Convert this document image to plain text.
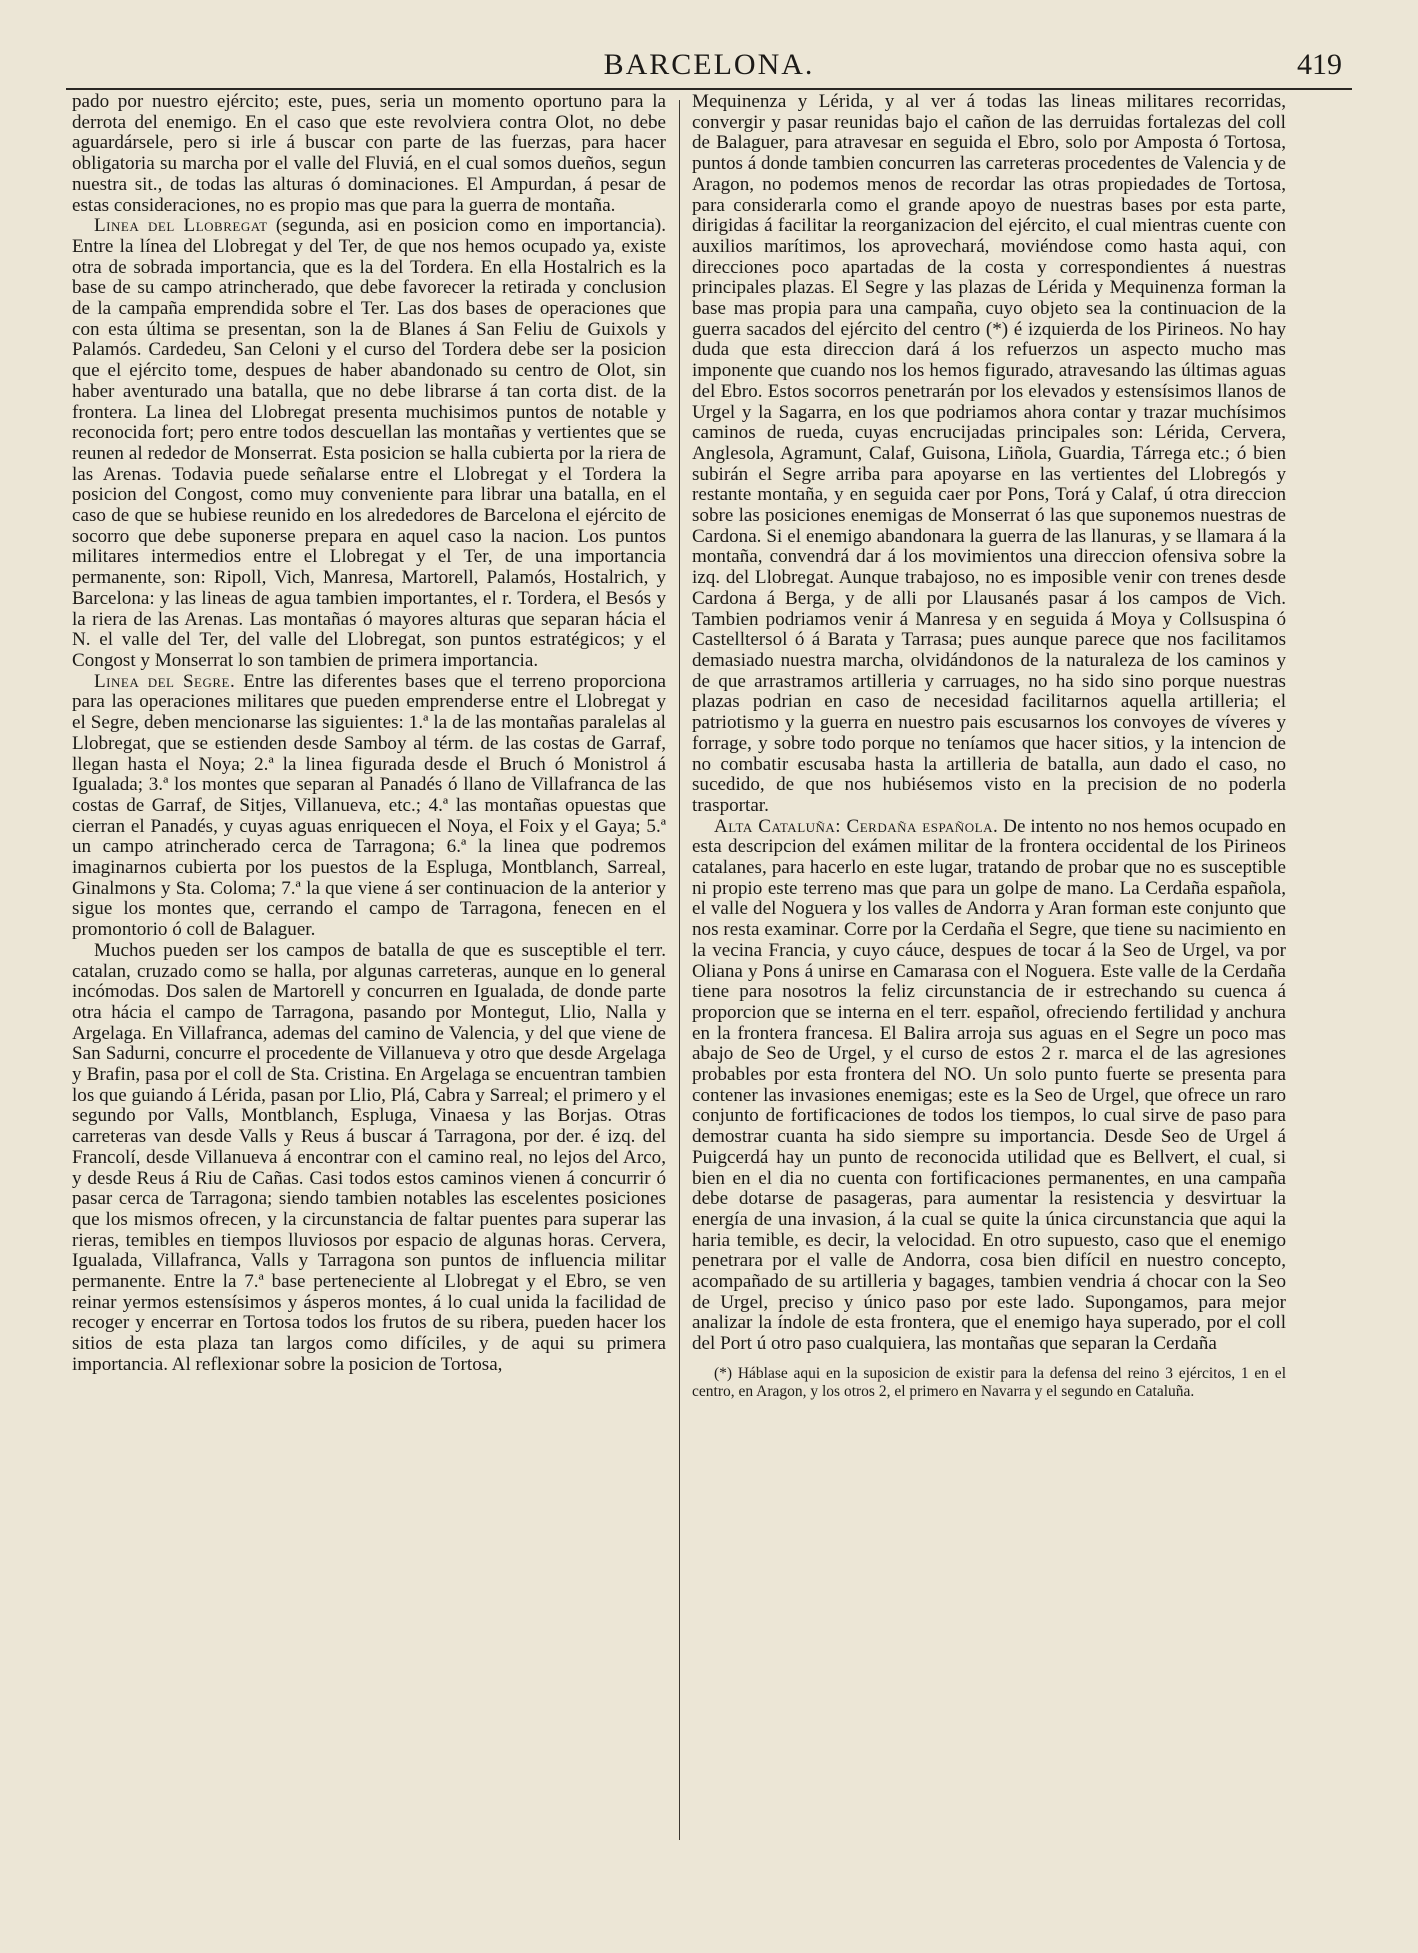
BARCELONA.	419

pado por nuestro ejército; este, pues, seria un momento oportuno para la derrota del enemigo. En el caso que este revolviera contra Olot, no debe aguardársele, pero si irle á buscar con parte de las fuerzas, para hacer obligatoria su marcha por el valle del Fluviá, en el cual somos dueños, segun nuestra sit., de todas las alturas ó dominaciones. El Ampurdan, á pesar de estas consideraciones, no es propio mas que para la guerra de montaña.

Linea del Llobregat (segunda, asi en posicion como en importancia). Entre la línea del Llobregat y del Ter, de que nos hemos ocupado ya, existe otra de sobrada importancia, que es la del Tordera. En ella Hostalrich es la base de su campo atrincherado, que debe favorecer la retirada y conclusion de la campaña emprendida sobre el Ter. Las dos bases de operaciones que con esta última se presentan, son la de Blanes á San Feliu de Guixols y Palamós. Cardedeu, San Celoni y el curso del Tordera debe ser la posicion que el ejército tome, despues de haber abandonado su centro de Olot, sin haber aventurado una batalla, que no debe librarse á tan corta dist. de la frontera. La linea del Llobregat presenta muchisimos puntos de notable y reconocida fort; pero entre todos descuellan las montañas y vertientes que se reunen al rededor de Monserrat. Esta posicion se halla cubierta por la riera de las Arenas. Todavia puede señalarse entre el Llobregat y el Tordera la posicion del Congost, como muy conveniente para librar una batalla, en el caso de que se hubiese reunido en los alrededores de Barcelona el ejército de socorro que debe suponerse prepara en aquel caso la nacion. Los puntos militares intermedios entre el Llobregat y el Ter, de una importancia permanente, son: Ripoll, Vich, Manresa, Martorell, Palamós, Hostalrich, y Barcelona: y las lineas de agua tambien importantes, el r. Tordera, el Besós y la riera de las Arenas. Las montañas ó mayores alturas que separan hácia el N. el valle del Ter, del valle del Llobregat, son puntos estratégicos; y el Congost y Monserrat lo son tambien de primera importancia.

Linea del Segre. Entre las diferentes bases que el terreno proporciona para las operaciones militares que pueden emprenderse entre el Llobregat y el Segre, deben mencionarse las siguientes: 1.ª la de las montañas paralelas al Llobregat, que se estienden desde Samboy al térm. de las costas de Garraf, llegan hasta el Noya; 2.ª la linea figurada desde el Bruch ó Monistrol á Igualada; 3.ª los montes que separan al Panadés ó llano de Villafranca de las costas de Garraf, de Sitjes, Villanueva, etc.; 4.ª las montañas opuestas que cierran el Panadés, y cuyas aguas enriquecen el Noya, el Foix y el Gaya; 5.ª un campo atrincherado cerca de Tarragona; 6.ª la linea que podremos imaginarnos cubierta por los puestos de la Espluga, Montblanch, Sarreal, Ginalmons y Sta. Coloma; 7.ª la que viene á ser continuacion de la anterior y sigue los montes que, cerrando el campo de Tarragona, fenecen en el promontorio ó coll de Balaguer.

Muchos pueden ser los campos de batalla de que es susceptible el terr. catalan, cruzado como se halla, por algunas carreteras, aunque en lo general incómodas. Dos salen de Martorell y concurren en Igualada, de donde parte otra hácia el campo de Tarragona, pasando por Montegut, Llio, Nalla y Argelaga. En Villafranca, ademas del camino de Valencia, y del que viene de San Sadurni, concurre el procedente de Villanueva y otro que desde Argelaga y Brafin, pasa por el coll de Sta. Cristina. En Argelaga se encuentran tambien los que guiando á Lérida, pasan por Llio, Plá, Cabra y Sarreal; el primero y el segundo por Valls, Montblanch, Espluga, Vinaesa y las Borjas. Otras carreteras van desde Valls y Reus á buscar á Tarragona, por der. é izq. del Francolí, desde Villanueva á encontrar con el camino real, no lejos del Arco, y desde Reus á Riu de Cañas. Casi todos estos caminos vienen á concurrir ó pasar cerca de Tarragona; siendo tambien notables las escelentes posiciones que los mismos ofrecen, y la circunstancia de faltar puentes para superar las rieras, temibles en tiempos lluviosos por espacio de algunas horas. Cervera, Igualada, Villafranca, Valls y Tarragona son puntos de influencia militar permanente. Entre la 7.ª base perteneciente al Llobregat y el Ebro, se ven reinar yermos estensísimos y ásperos montes, á lo cual unida la facilidad de recoger y encerrar en Tortosa todos los frutos de su ribera, pueden hacer los sitios de esta plaza tan largos como difíciles, y de aqui su primera importancia. Al reflexionar sobre la posicion de Tortosa,

Mequinenza y Lérida, y al ver á todas las lineas militares recorridas, convergir y pasar reunidas bajo el cañon de las derruidas fortalezas del coll de Balaguer, para atravesar en seguida el Ebro, solo por Amposta ó Tortosa, puntos á donde tambien concurren las carreteras procedentes de Valencia y de Aragon, no podemos menos de recordar las otras propiedades de Tortosa, para considerarla como el grande apoyo de nuestras bases por esta parte, dirigidas á facilitar la reorganizacion del ejército, el cual mientras cuente con auxilios marítimos, los aprovechará, moviéndose como hasta aqui, con direcciones poco apartadas de la costa y correspondientes á nuestras principales plazas. El Segre y las plazas de Lérida y Mequinenza forman la base mas propia para una campaña, cuyo objeto sea la continuacion de la guerra sacados del ejército del centro (*) é izquierda de los Pirineos. No hay duda que esta direccion dará á los refuerzos un aspecto mucho mas imponente que cuando nos los hemos figurado, atravesando las últimas aguas del Ebro. Estos socorros penetrarán por los elevados y estensísimos llanos de Urgel y la Sagarra, en los que podriamos ahora contar y trazar muchísimos caminos de rueda, cuyas encrucijadas principales son: Lérida, Cervera, Anglesola, Agramunt, Calaf, Guisona, Liñola, Guardia, Tárrega etc.; ó bien subirán el Segre arriba para apoyarse en las vertientes del Llobregós y restante montaña, y en seguida caer por Pons, Torá y Calaf, ú otra direccion sobre las posiciones enemigas de Monserrat ó las que suponemos nuestras de Cardona. Si el enemigo abandonara la guerra de las llanuras, y se llamara á la montaña, convendrá dar á los movimientos una direccion ofensiva sobre la izq. del Llobregat. Aunque trabajoso, no es imposible venir con trenes desde Cardona á Berga, y de alli por Llausanés pasar á los campos de Vich. Tambien podriamos venir á Manresa y en seguida á Moya y Collsuspina ó Castelltersol ó á Barata y Tarrasa; pues aunque parece que nos facilitamos demasiado nuestra marcha, olvidándonos de la naturaleza de los caminos y de que arrastramos artilleria y carruages, no ha sido sino porque nuestras plazas podrian en caso de necesidad facilitarnos aquella artilleria; el patriotismo y la guerra en nuestro pais escusarnos los convoyes de víveres y forrage, y sobre todo porque no teníamos que hacer sitios, y la intencion de no combatir escusaba hasta la artilleria de batalla, aun dado el caso, no sucedido, de que nos hubiésemos visto en la precision de no poderla trasportar.

Alta Cataluña: Cerdaña española. De intento no nos hemos ocupado en esta descripcion del exámen militar de la frontera occidental de los Pirineos catalanes, para hacerlo en este lugar, tratando de probar que no es susceptible ni propio este terreno mas que para un golpe de mano. La Cerdaña española, el valle del Noguera y los valles de Andorra y Aran forman este conjunto que nos resta examinar. Corre por la Cerdaña el Segre, que tiene su nacimiento en la vecina Francia, y cuyo cáuce, despues de tocar á la Seo de Urgel, va por Oliana y Pons á unirse en Camarasa con el Noguera. Este valle de la Cerdaña tiene para nosotros la feliz circunstancia de ir estrechando su cuenca á proporcion que se interna en el terr. español, ofreciendo fertilidad y anchura en la frontera francesa. El Balira arroja sus aguas en el Segre un poco mas abajo de Seo de Urgel, y el curso de estos 2 r. marca el de las agresiones probables por esta frontera del NO. Un solo punto fuerte se presenta para contener las invasiones enemigas; este es la Seo de Urgel, que ofrece un raro conjunto de fortificaciones de todos los tiempos, lo cual sirve de paso para demostrar cuanta ha sido siempre su importancia. Desde Seo de Urgel á Puigcerdá hay un punto de reconocida utilidad que es Bellvert, el cual, si bien en el dia no cuenta con fortificaciones permanentes, en una campaña debe dotarse de pasageras, para aumentar la resistencia y desvirtuar la energía de una invasion, á la cual se quite la única circunstancia que aqui la haria temible, es decir, la velocidad. En otro supuesto, caso que el enemigo penetrara por el valle de Andorra, cosa bien difícil en nuestro concepto, acompañado de su artilleria y bagages, tambien vendria á chocar con la Seo de Urgel, preciso y único paso por este lado. Supongamos, para mejor analizar la índole de esta frontera, que el enemigo haya superado, por el coll del Port ú otro paso cualquiera, las montañas que separan la Cerdaña

(*) Háblase aqui en la suposicion de existir para la defensa del reino 3 ejércitos, 1 en el centro, en Aragon, y los otros 2, el primero en Navarra y el segundo en Cataluña.
